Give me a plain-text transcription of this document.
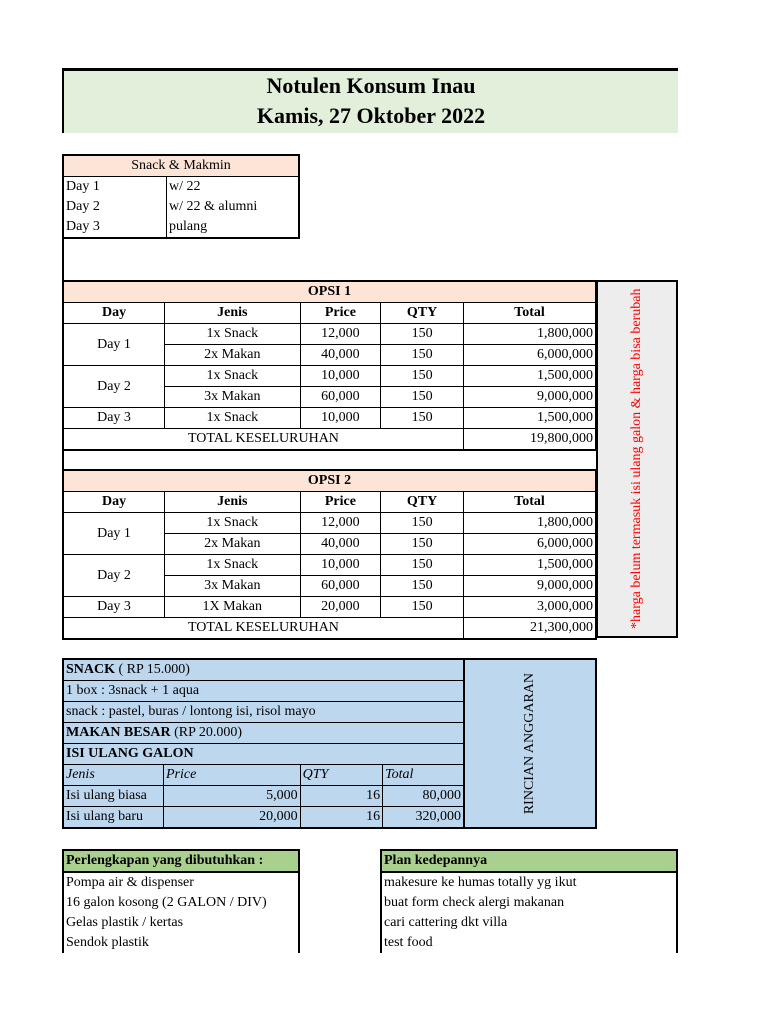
Notulen Konsum Inau
Kamis, 27 Oktober 2022
Snack & Makmin	
Day 1	w/ 22
Day 2	w/ 22 & alumni
Day 3	pulang
OPSI 1				
Day	Jenis	Price	QTY	Total
Day 1	1x Snack	12,000	150	1,800,000
	2x Makan	40,000	150	6,000,000
Day 2	1x Snack	10,000	150	1,500,000
	3x Makan	60,000	150	9,000,000
Day 3	1x Snack	10,000	150	1,500,000
TOTAL KESELURUHAN				19,800,000
OPSI 2				
Day	Jenis	Price	QTY	Total
Day 1	1x Snack	12,000	150	1,800,000
	2x Makan	40,000	150	6,000,000
Day 2	1x Snack	10,000	150	1,500,000
	3x Makan	60,000	150	9,000,000
Day 3	1X Makan	20,000	150	3,000,000
TOTAL KESELURUHAN				21,300,000	*harga belum termasuk isi ulang galon & harga bisa berubah
SNACK ( RP 15.000)			
1 box : 3snack + 1 aqua			
snack : pastel, buras / lontong isi, risol mayo			
MAKAN BESAR (RP 20.000)			
ISI ULANG GALON			
Jenis	Price	QTY	Total
Isi ulang biasa	5,000	16	80,000
Isi ulang baru	20,000	16	320,000
RINCIAN ANGGARAN
Perlengkapan yang dibutuhkan :
Pompa air & dispenser
16 galon kosong (2 GALON / DIV)
Gelas plastik / kertas
Sendok plastik
Plan kedepannya
makesure ke humas totally yg ikut
buat form check alergi makanan
cari cattering dkt villa
test food
